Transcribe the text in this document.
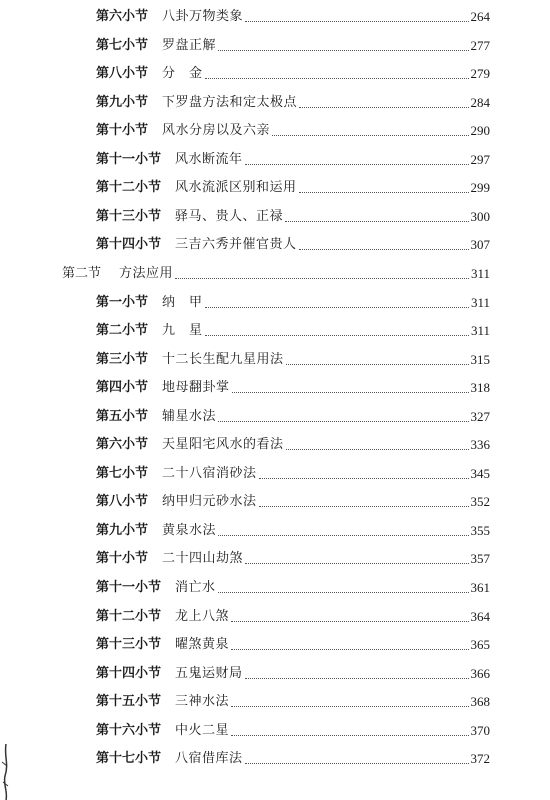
第六小节 八卦万物类象	264
第七小节 罗盘正解	277
第八小节 分　金	279
第九小节 下罗盘方法和定太极点	284
第十小节 风水分房以及六亲	290
第十一小节 风水断流年	297
第十二小节 风水流派区别和运用	299
第十三小节 驿马、贵人、正禄	300
第十四小节 三吉六秀并催官贵人	307
第二节 方法应用	311
第一小节 纳　甲	311
第二小节 九　星	311
第三小节 十二长生配九星用法	315
第四小节 地母翻卦掌	318
第五小节 辅星水法	327
第六小节 天星阳宅风水的看法	336
第七小节 二十八宿消砂法	345
第八小节 纳甲归元砂水法	352
第九小节 黄泉水法	355
第十小节 二十四山劫煞	357
第十一小节 消亡水	361
第十二小节 龙上八煞	364
第十三小节 曜煞黄泉	365
第十四小节 五鬼运财局	366
第十五小节 三神水法	368
第十六小节 中火二星	370
第十七小节 八宿借库法	372
